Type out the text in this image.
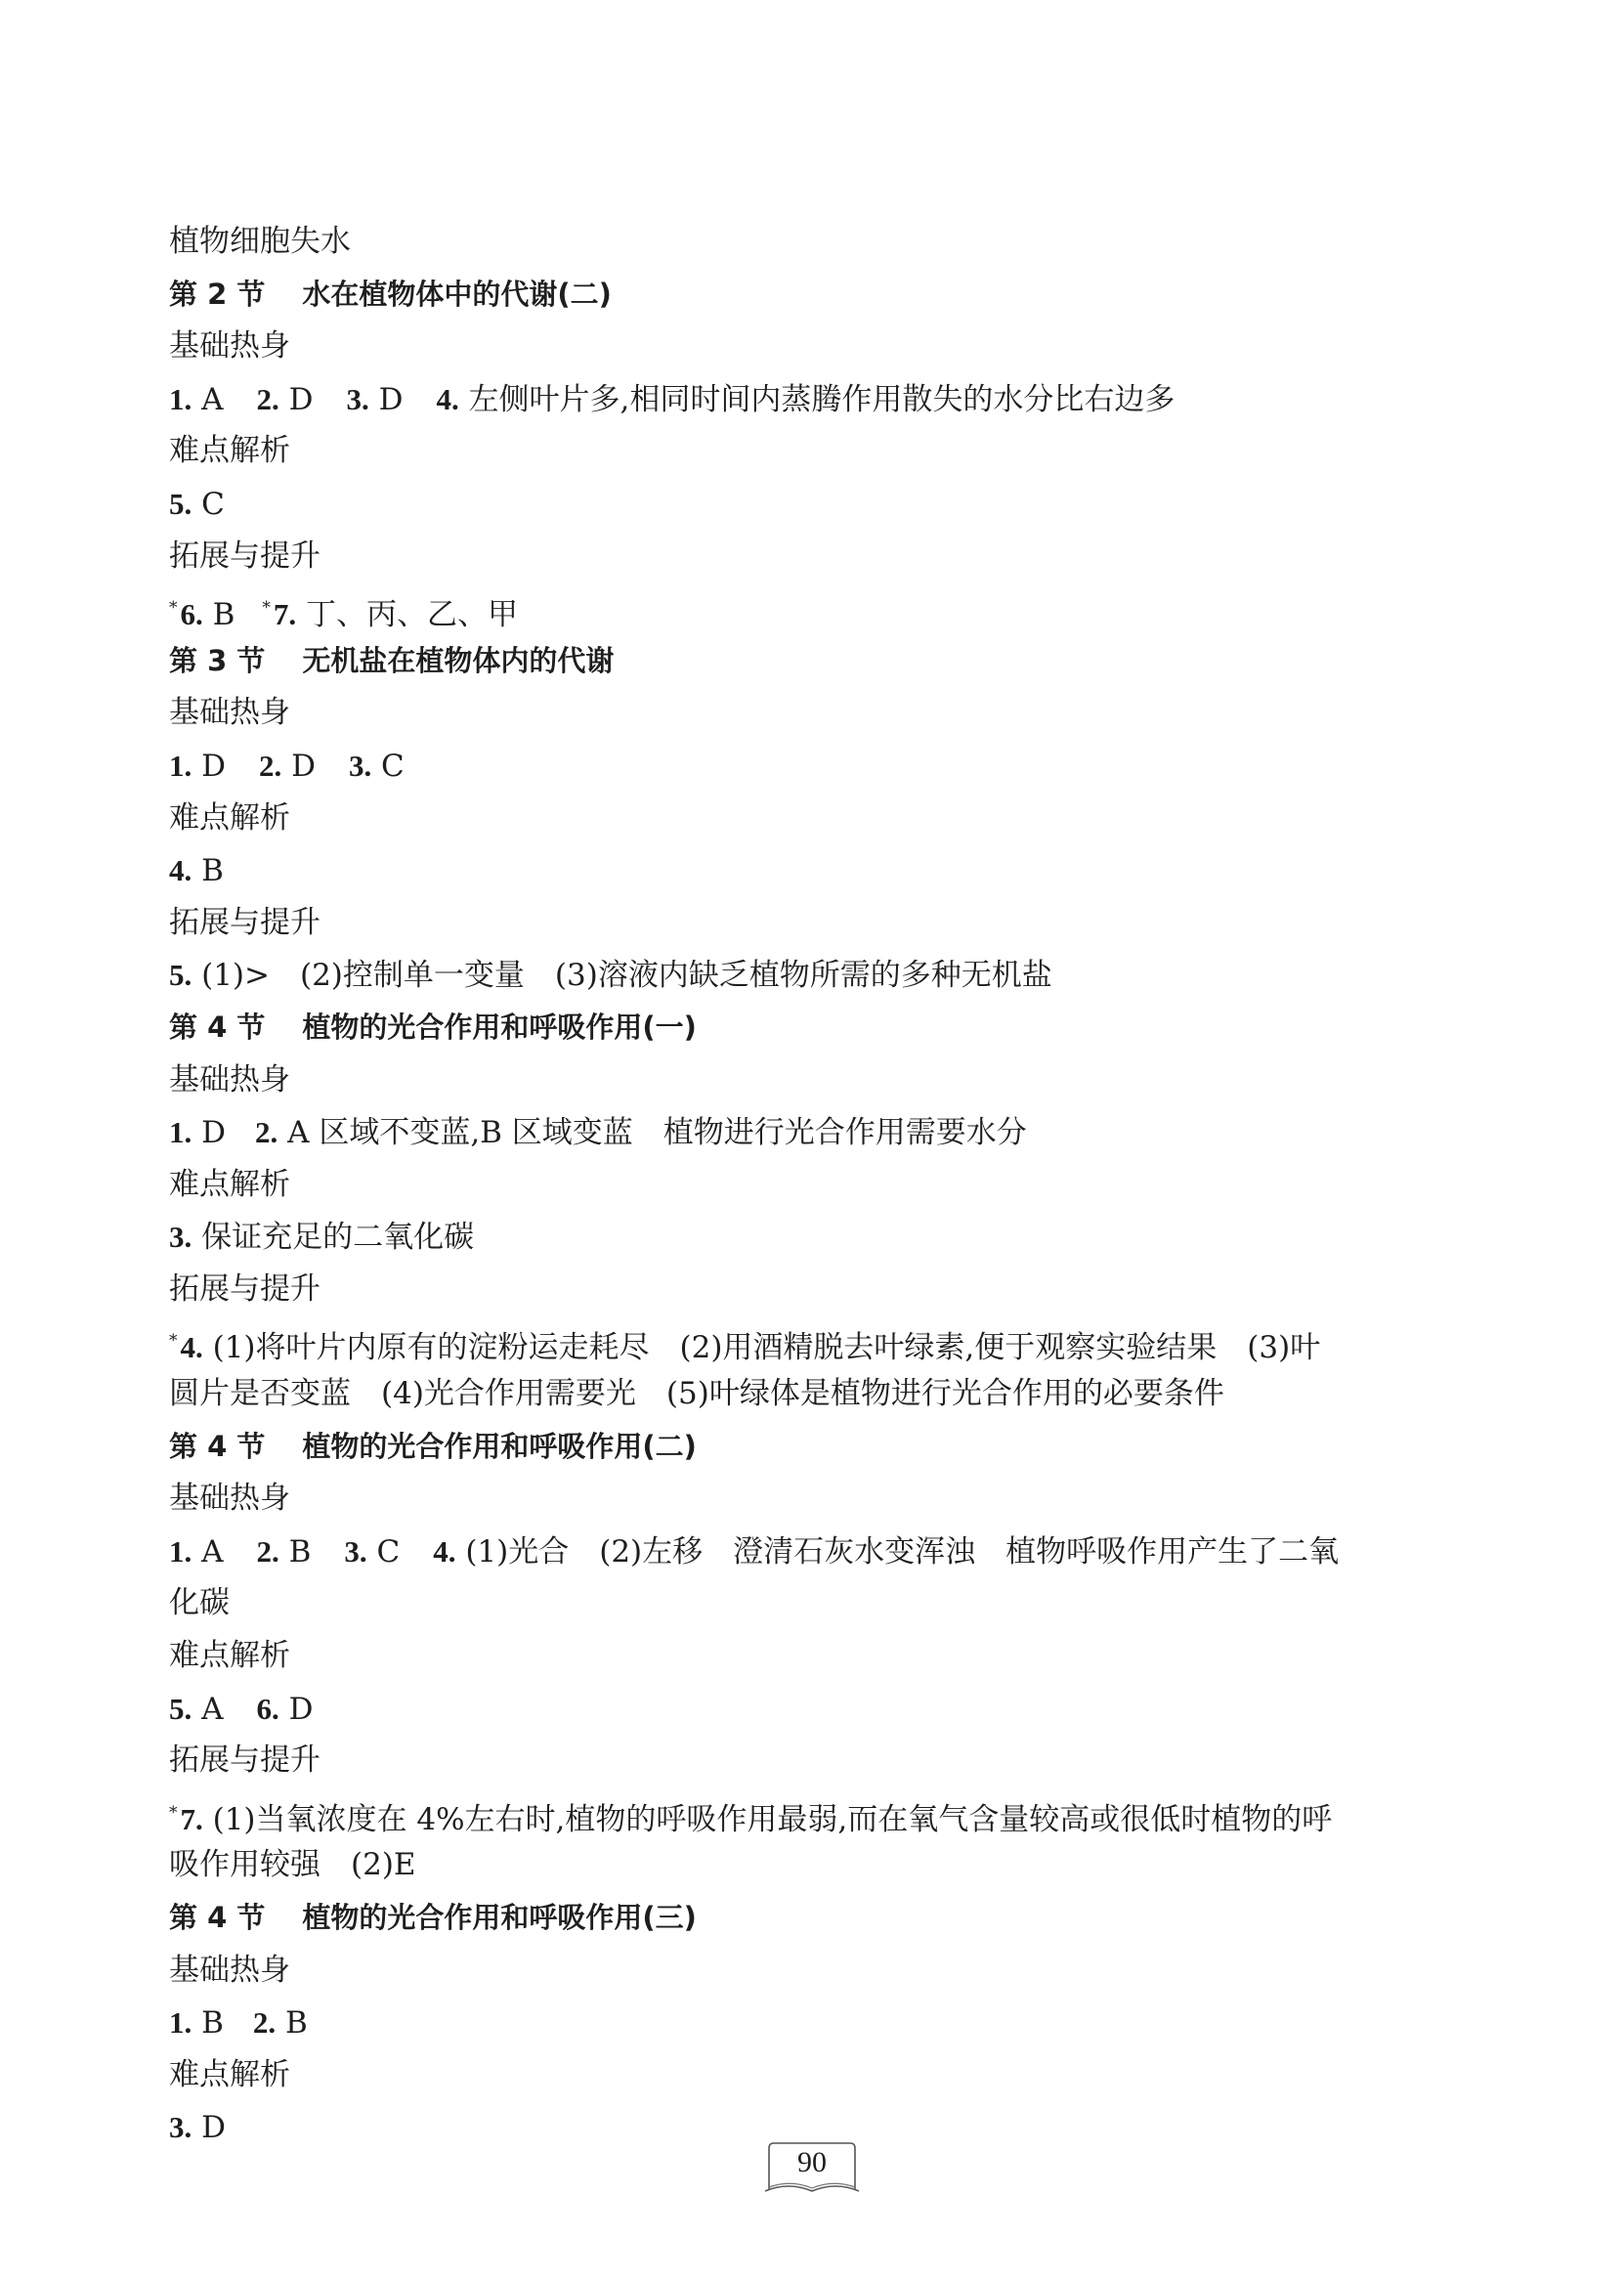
植物细胞失水
第 2 节 水在植物体中的代谢(二)
基础热身
1. A 2. D 3. D 4. 左侧叶片多,相同时间内蒸腾作用散失的水分比右边多
难点解析
5. C
拓展与提升
*6. B *7. 丁、丙、乙、甲
第 3 节 无机盐在植物体内的代谢
基础热身
1. D 2. D 3. C
难点解析
4. B
拓展与提升
5. (1)>　(2)控制单一变量　(3)溶液内缺乏植物所需的多种无机盐
第 4 节 植物的光合作用和呼吸作用(一)
基础热身
1. D 2. A 区域不变蓝,B 区域变蓝　植物进行光合作用需要水分
难点解析
3. 保证充足的二氧化碳
拓展与提升
*4. (1)将叶片内原有的淀粉运走耗尽　(2)用酒精脱去叶绿素,便于观察实验结果　(3)叶
圆片是否变蓝　(4)光合作用需要光　(5)叶绿体是植物进行光合作用的必要条件
第 4 节 植物的光合作用和呼吸作用(二)
基础热身
1. A 2. B 3. C 4. (1)光合　(2)左移　澄清石灰水变浑浊　植物呼吸作用产生了二氧
化碳
难点解析
5. A 6. D
拓展与提升
*7. (1)当氧浓度在 4%左右时,植物的呼吸作用最弱,而在氧气含量较高或很低时植物的呼
吸作用较强　(2)E
第 4 节 植物的光合作用和呼吸作用(三)
基础热身
1. B 2. B
难点解析
3. D
90
